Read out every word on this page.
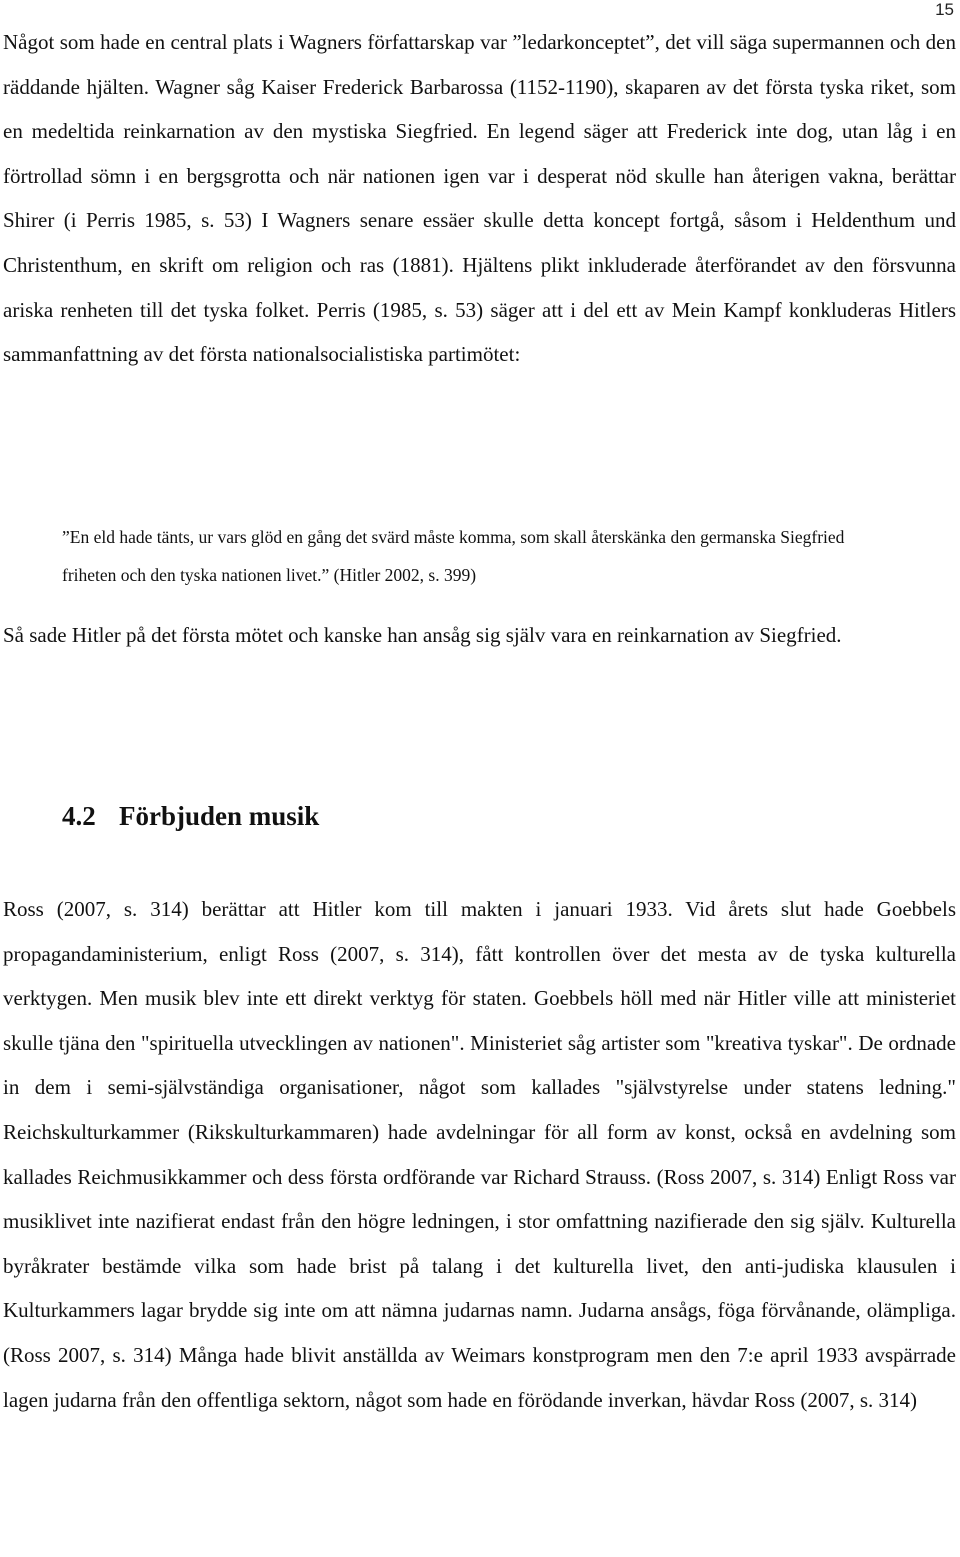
15

Något som hade en central plats i Wagners författarskap var ”ledarkonceptet”, det vill säga supermannen och den räddande hjälten. Wagner såg Kaiser Frederick Barbarossa (1152-1190), skaparen av det första tyska riket, som en medeltida reinkarnation av den mystiska Siegfried. En legend säger att Frederick inte dog, utan låg i en förtrollad sömn i en bergsgrotta och när nationen igen var i desperat nöd skulle han återigen vakna, berättar Shirer (i Perris 1985, s. 53) I Wagners senare essäer skulle detta koncept fortgå, såsom i Heldenthum und Christenthum, en skrift om religion och ras (1881). Hjältens plikt inkluderade återförandet av den försvunna ariska renheten till det tyska folket. Perris (1985, s. 53) säger att i del ett av Mein Kampf konkluderas Hitlers sammanfattning av det första nationalsocialistiska partimötet:

”En eld hade tänts, ur vars glöd en gång det svärd måste komma, som skall återskänka den germanska Siegfried friheten och den tyska nationen livet.” (Hitler 2002, s. 399)

Så sade Hitler på det första mötet och kanske han ansåg sig själv vara en reinkarnation av Siegfried.

4.2 Förbjuden musik

Ross (2007, s. 314) berättar att Hitler kom till makten i januari 1933. Vid årets slut hade Goebbels propagandaministerium, enligt Ross (2007, s. 314), fått kontrollen över det mesta av de tyska kulturella verktygen. Men musik blev inte ett direkt verktyg för staten. Goebbels höll med när Hitler ville att ministeriet skulle tjäna den "spirituella utvecklingen av nationen". Ministeriet såg artister som "kreativa tyskar". De ordnade in dem i semi-självständiga organisationer, något som kallades "självstyrelse under statens ledning." Reichskulturkammer (Rikskulturkammaren) hade avdelningar för all form av konst, också en avdelning som kallades Reichmusikkammer och dess första ordförande var Richard Strauss. (Ross 2007, s. 314) Enligt Ross var musiklivet inte nazifierat endast från den högre ledningen, i stor omfattning nazifierade den sig själv. Kulturella byråkrater bestämde vilka som hade brist på talang i det kulturella livet, den anti-judiska klausulen i Kulturkammers lagar brydde sig inte om att nämna judarnas namn. Judarna ansågs, föga förvånande, olämpliga. (Ross 2007, s. 314) Många hade blivit anställda av Weimars konstprogram men den 7:e april 1933 avspärrade lagen judarna från den offentliga sektorn, något som hade en förödande inverkan, hävdar Ross (2007, s. 314)
